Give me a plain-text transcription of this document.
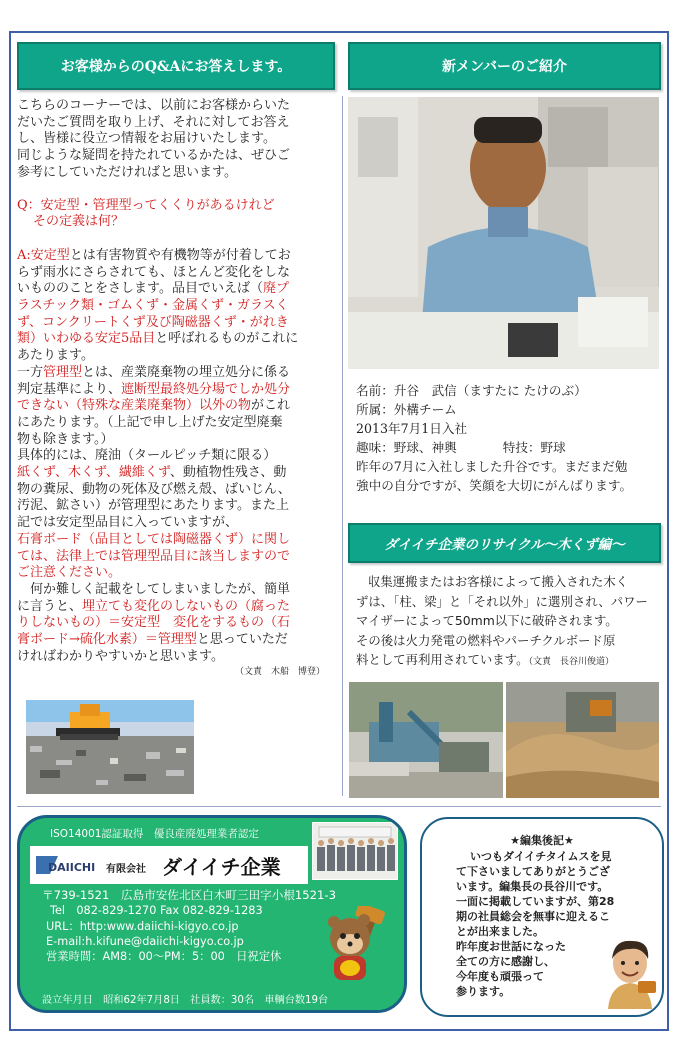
お客様からのQ&Aにお答えします。	新メンバーのご紹介

こちらのコーナーでは、以前にお客様からいた

だいたご質問を取り上げ、それに対してお答え

し、皆様に役立つ情報をお届けいたします。

同じような疑問を持たれているかたは、ぜひご

参考にしていただければと思います。

Q：安定型・管理型ってくくりがあるけれど

その定義は何？

A:安定型とは有害物質や有機物等が付着してお

らず雨水にさらされても、ほとんど変化をしな

いもののことをさします。品目でいえば（廃プ

ラスチック類・ゴムくず・金属くず・ガラスく

ず、コンクリートくず及び陶磁器くず・がれき

類）いわゆる安定5品目と呼ばれるものがこれに

あたります。

一方管理型とは、産業廃棄物の埋立処分に係る

判定基準により、遮断型最終処分場でしか処分

できない（特殊な産業廃棄物）以外の物がこれ

にあたります。（上記で申し上げた安定型廃棄

物も除きます。）

具体的には、廃油（タールピッチ類に限る）

紙くず、木くず、繊維くず、動植物性残さ、動

物の糞尿、動物の死体及び燃え殻、ばいじん、

汚泥、鉱さい）が管理型にあたります。また上

記では安定型品目に入っていますが、

石膏ボード（品目としては陶磁器くず）に関し

ては、法律上では管理型品目に該当しますので

ご注意ください。

何か難しく記載をしてしまいましたが、簡単

に言うと、埋立ても変化のしないもの（腐った

りしないもの）＝安定型　変化をするもの（石

膏ボード→硫化水素）＝管理型と思っていただ

ければわかりやすいかと思います。

（文責　木船　博登）

名前：升谷　武信（ますたに たけのぶ）
所属：外構チーム
2013年7月1日入社
趣味：野球、神輿	特技：野球
昨年の7月に入社しました升谷です。まだまだ勉
強中の自分ですが、笑顔を大切にがんばります。
ダイイチ企業のリサイクル～木くず編～
収集運搬またはお客様によって搬入された木く
ずは、「柱、梁」と「それ以外」に選別され、パワー
マイザーによって50mm以下に破砕されます。
その後は火力発電の燃料やパーチクルボード原
料として再利用されています。（文責　長谷川俊道）
ISO14001認証取得　優良産廃処理業者認定
DAIICHI 有限会社 ダイイチ企業
〒739-1521　広島市安佐北区白木町三田字小根1521-3
Tel　082-829-1270 Fax 082-829-1283
URL：http:www.daiichi-kigyo.co.jp
E-mail:h.kifune@daiichi-kigyo.co.jp
営業時間：AM8：00～PM：5：00　日祝定休
設立年月日　昭和62年7月8日　社員数：30名　車輌台数19台
★編集後記★
いつもダイイチタイムスを見
て下さいましてありがとうござ
います。編集長の長谷川です。
一面に掲載していますが、第28
期の社員総会を無事に迎えるこ
とが出来ました。
昨年度お世話になった
全ての方に感謝し、
今年度も頑張って
参ります。
